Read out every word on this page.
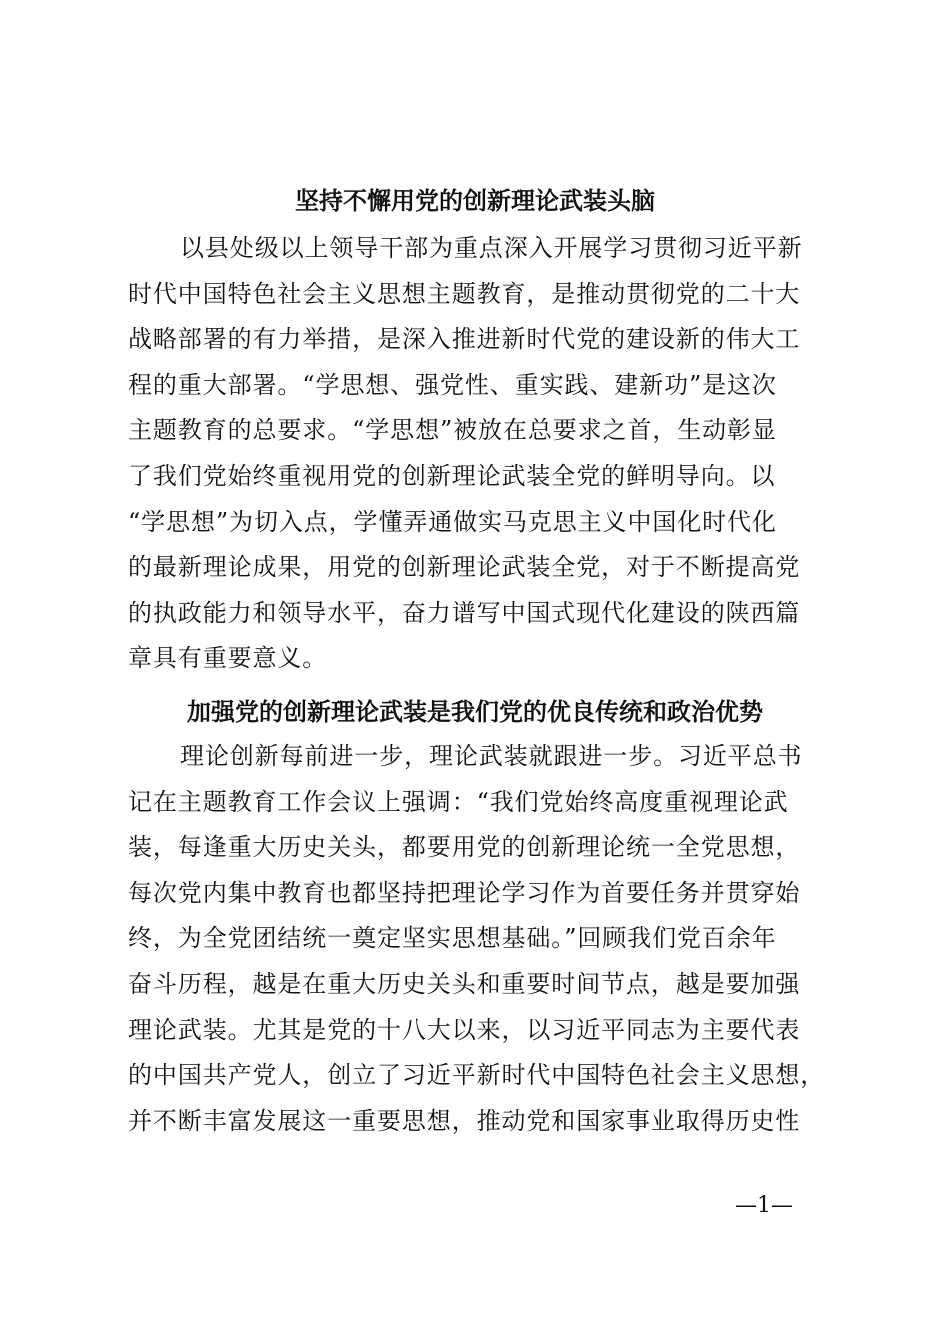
坚持不懈用党的创新理论武装头脑
以县处级以上领导干部为重点深入开展学习贯彻习近平新
时代中国特色社会主义思想主题教育，是推动贯彻党的二十大
战略部署的有力举措，是深入推进新时代党的建设新的伟大工
程的重大部署。“学思想、强党性、重实践、建新功”是这次
主题教育的总要求。“学思想”被放在总要求之首，生动彰显
了我们党始终重视用党的创新理论武装全党的鲜明导向。以
“学思想”为切入点，学懂弄通做实马克思主义中国化时代化
的最新理论成果，用党的创新理论武装全党，对于不断提高党
的执政能力和领导水平，奋力谱写中国式现代化建设的陕西篇
章具有重要意义。
加强党的创新理论武装是我们党的优良传统和政治优势
理论创新每前进一步，理论武装就跟进一步。习近平总书
记在主题教育工作会议上强调：“我们党始终高度重视理论武
装，每逢重大历史关头，都要用党的创新理论统一全党思想，
每次党内集中教育也都坚持把理论学习作为首要任务并贯穿始
终，为全党团结统一奠定坚实思想基础。”回顾我们党百余年
奋斗历程，越是在重大历史关头和重要时间节点，越是要加强
理论武装。尤其是党的十八大以来，以习近平同志为主要代表
的中国共产党人，创立了习近平新时代中国特色社会主义思想，
并不断丰富发展这一重要思想，推动党和国家事业取得历史性
—1—
